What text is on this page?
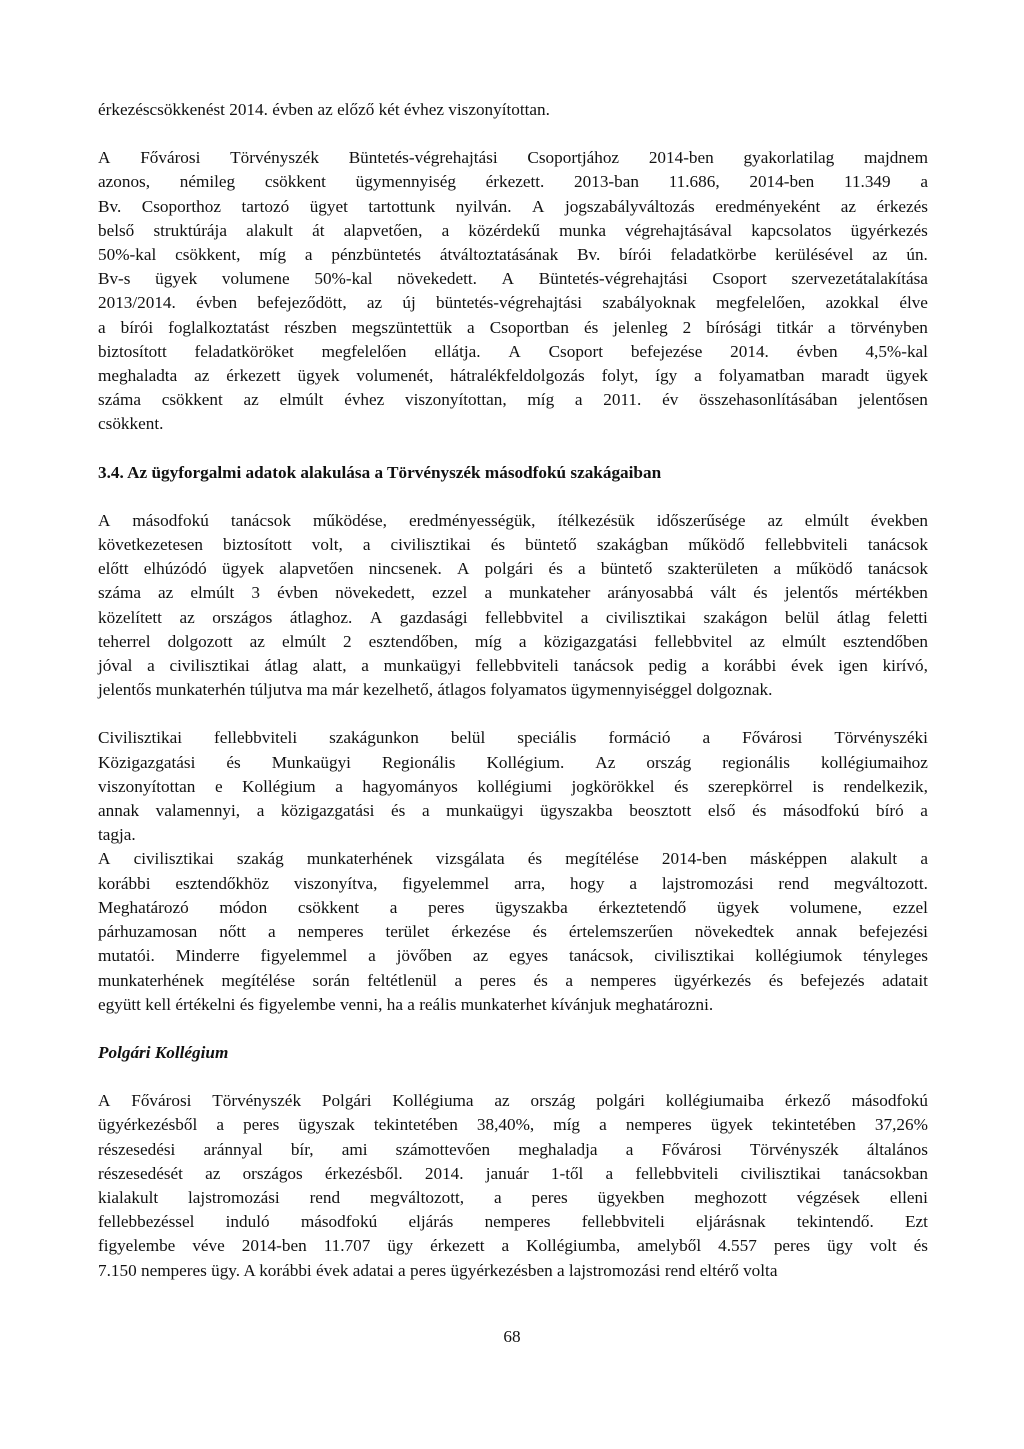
érkezéscsökkenést 2014. évben az előző két évhez viszonyítottan.
A Fővárosi Törvényszék Büntetés-végrehajtási Csoportjához 2014-ben gyakorlatilag majdnem
azonos, némileg csökkent ügymennyiség érkezett. 2013-ban 11.686, 2014-ben 11.349 a
Bv. Csoporthoz tartozó ügyet tartottunk nyilván. A jogszabályváltozás eredményeként az érkezés
belső struktúrája alakult át alapvetően, a közérdekű munka végrehajtásával kapcsolatos ügyérkezés
50%-kal csökkent, míg a pénzbüntetés átváltoztatásának Bv. bírói feladatkörbe kerülésével az ún.
Bv-s ügyek volumene 50%-kal növekedett. A Büntetés-végrehajtási Csoport szervezetátalakítása
2013/2014. évben befejeződött, az új büntetés-végrehajtási szabályoknak megfelelően, azokkal élve
a bírói foglalkoztatást részben megszüntettük a Csoportban és jelenleg 2 bírósági titkár a törvényben
biztosított feladatköröket megfelelően ellátja. A Csoport befejezése 2014. évben 4,5%-kal
meghaladta az érkezett ügyek volumenét, hátralékfeldolgozás folyt, így a folyamatban maradt ügyek
száma csökkent az elmúlt évhez viszonyítottan, míg a 2011. év összehasonlításában jelentősen
csökkent.
3.4. Az ügyforgalmi adatok alakulása a Törvényszék másodfokú szakágaiban
A másodfokú tanácsok működése, eredményességük, ítélkezésük időszerűsége az elmúlt években
következetesen biztosított volt, a civilisztikai és büntető szakágban működő fellebbviteli tanácsok
előtt elhúzódó ügyek alapvetően nincsenek. A polgári és a büntető szakterületen a működő tanácsok
száma az elmúlt 3 évben növekedett, ezzel a munkateher arányosabbá vált és jelentős mértékben
közelített az országos átlaghoz. A gazdasági fellebbvitel a civilisztikai szakágon belül átlag feletti
teherrel dolgozott az elmúlt 2 esztendőben, míg a közigazgatási fellebbvitel az elmúlt esztendőben
jóval a civilisztikai átlag alatt, a munkaügyi fellebbviteli tanácsok pedig a korábbi évek igen kirívó,
jelentős munkaterhén túljutva ma már kezelhető, átlagos folyamatos ügymennyiséggel dolgoznak.
Civilisztikai fellebbviteli szakágunkon belül speciális formáció a Fővárosi Törvényszéki
Közigazgatási és Munkaügyi Regionális Kollégium. Az ország regionális kollégiumaihoz
viszonyítottan e Kollégium a hagyományos kollégiumi jogkörökkel és szerepkörrel is rendelkezik,
annak valamennyi, a közigazgatási és a munkaügyi ügyszakba beosztott első és másodfokú bíró a
tagja.
A civilisztikai szakág munkaterhének vizsgálata és megítélése 2014-ben másképpen alakult a
korábbi esztendőkhöz viszonyítva, figyelemmel arra, hogy a lajstromozási rend megváltozott.
Meghatározó módon csökkent a peres ügyszakba érkeztetendő ügyek volumene, ezzel
párhuzamosan nőtt a nemperes terület érkezése és értelemszerűen növekedtek annak befejezési
mutatói. Minderre figyelemmel a jövőben az egyes tanácsok, civilisztikai kollégiumok tényleges
munkaterhének megítélése során feltétlenül a peres és a nemperes ügyérkezés és befejezés adatait
együtt kell értékelni és figyelembe venni, ha a reális munkaterhet kívánjuk meghatározni.
Polgári Kollégium
A Fővárosi Törvényszék Polgári Kollégiuma az ország polgári kollégiumaiba érkező másodfokú
ügyérkezésből a peres ügyszak tekintetében 38,40%, míg a nemperes ügyek tekintetében 37,26%
részesedési aránnyal bír, ami számottevően meghaladja a Fővárosi Törvényszék általános
részesedését az országos érkezésből. 2014. január 1-től a fellebbviteli civilisztikai tanácsokban
kialakult lajstromozási rend megváltozott, a peres ügyekben meghozott végzések elleni
fellebbezéssel induló másodfokú eljárás nemperes fellebbviteli eljárásnak tekintendő. Ezt
figyelembe véve 2014-ben 11.707 ügy érkezett a Kollégiumba, amelyből 4.557 peres ügy volt és
7.150 nemperes ügy. A korábbi évek adatai a peres ügyérkezésben a lajstromozási rend eltérő volta
68
